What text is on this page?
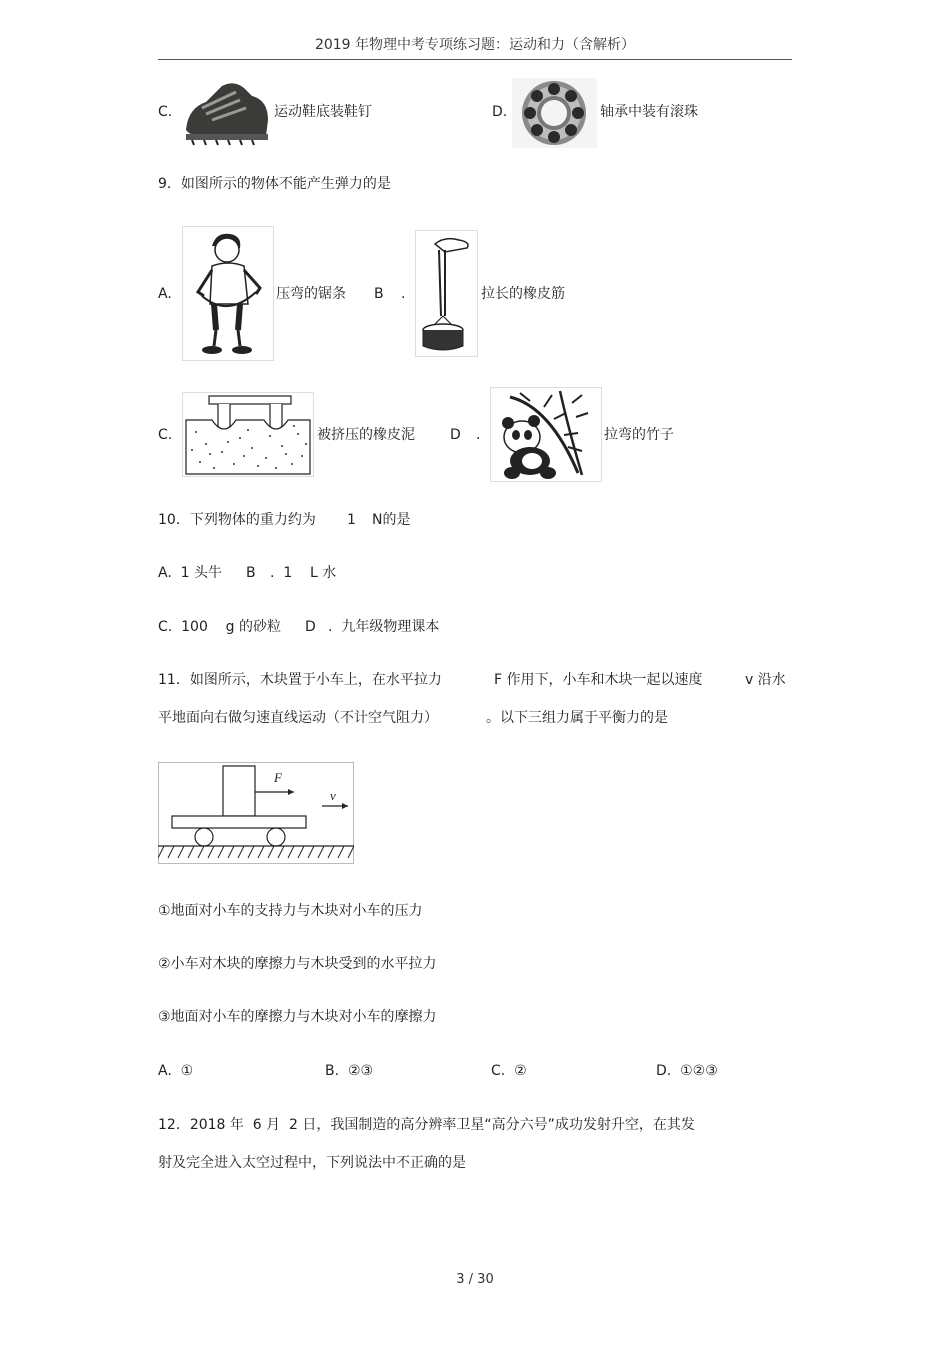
2019 年物理中考专项练习题：运动和力（含解析）
C.	运动鞋底装鞋钉	D.	轴承中装有滚珠
9．如图所示的物体不能产生弹力的是
A.	压弯的锯条 B .	拉长的橡皮筋
C.	被挤压的橡皮泥	D .	拉弯的竹子
10．下列物体的重力约为 1 N的是
A.  1 头牛 B .  1    L 水
C.  100    g 的砂粒 D .  九年级物理课本
11．如图所示，木块置于小车上，在水平拉力	F 作用下，小车和木块一起以速度	v 沿水
平地面向右做匀速直线运动（不计空气阻力）	。以下三组力属于平衡力的是
F
v
①地面对小车的支持力与木块对小车的压力
②小车对木块的摩擦力与木块受到的水平拉力
③地面对小车的摩擦力与木块对小车的摩擦力
A.  ①	B.  ②③	C.  ②	D.  ①②③
12．2018 年  6 月  2 日，我国制造的高分辨率卫星“高分六号”成功发射升空，在其发
射及完全进入太空过程中，下列说法中不正确的是
3 / 30
